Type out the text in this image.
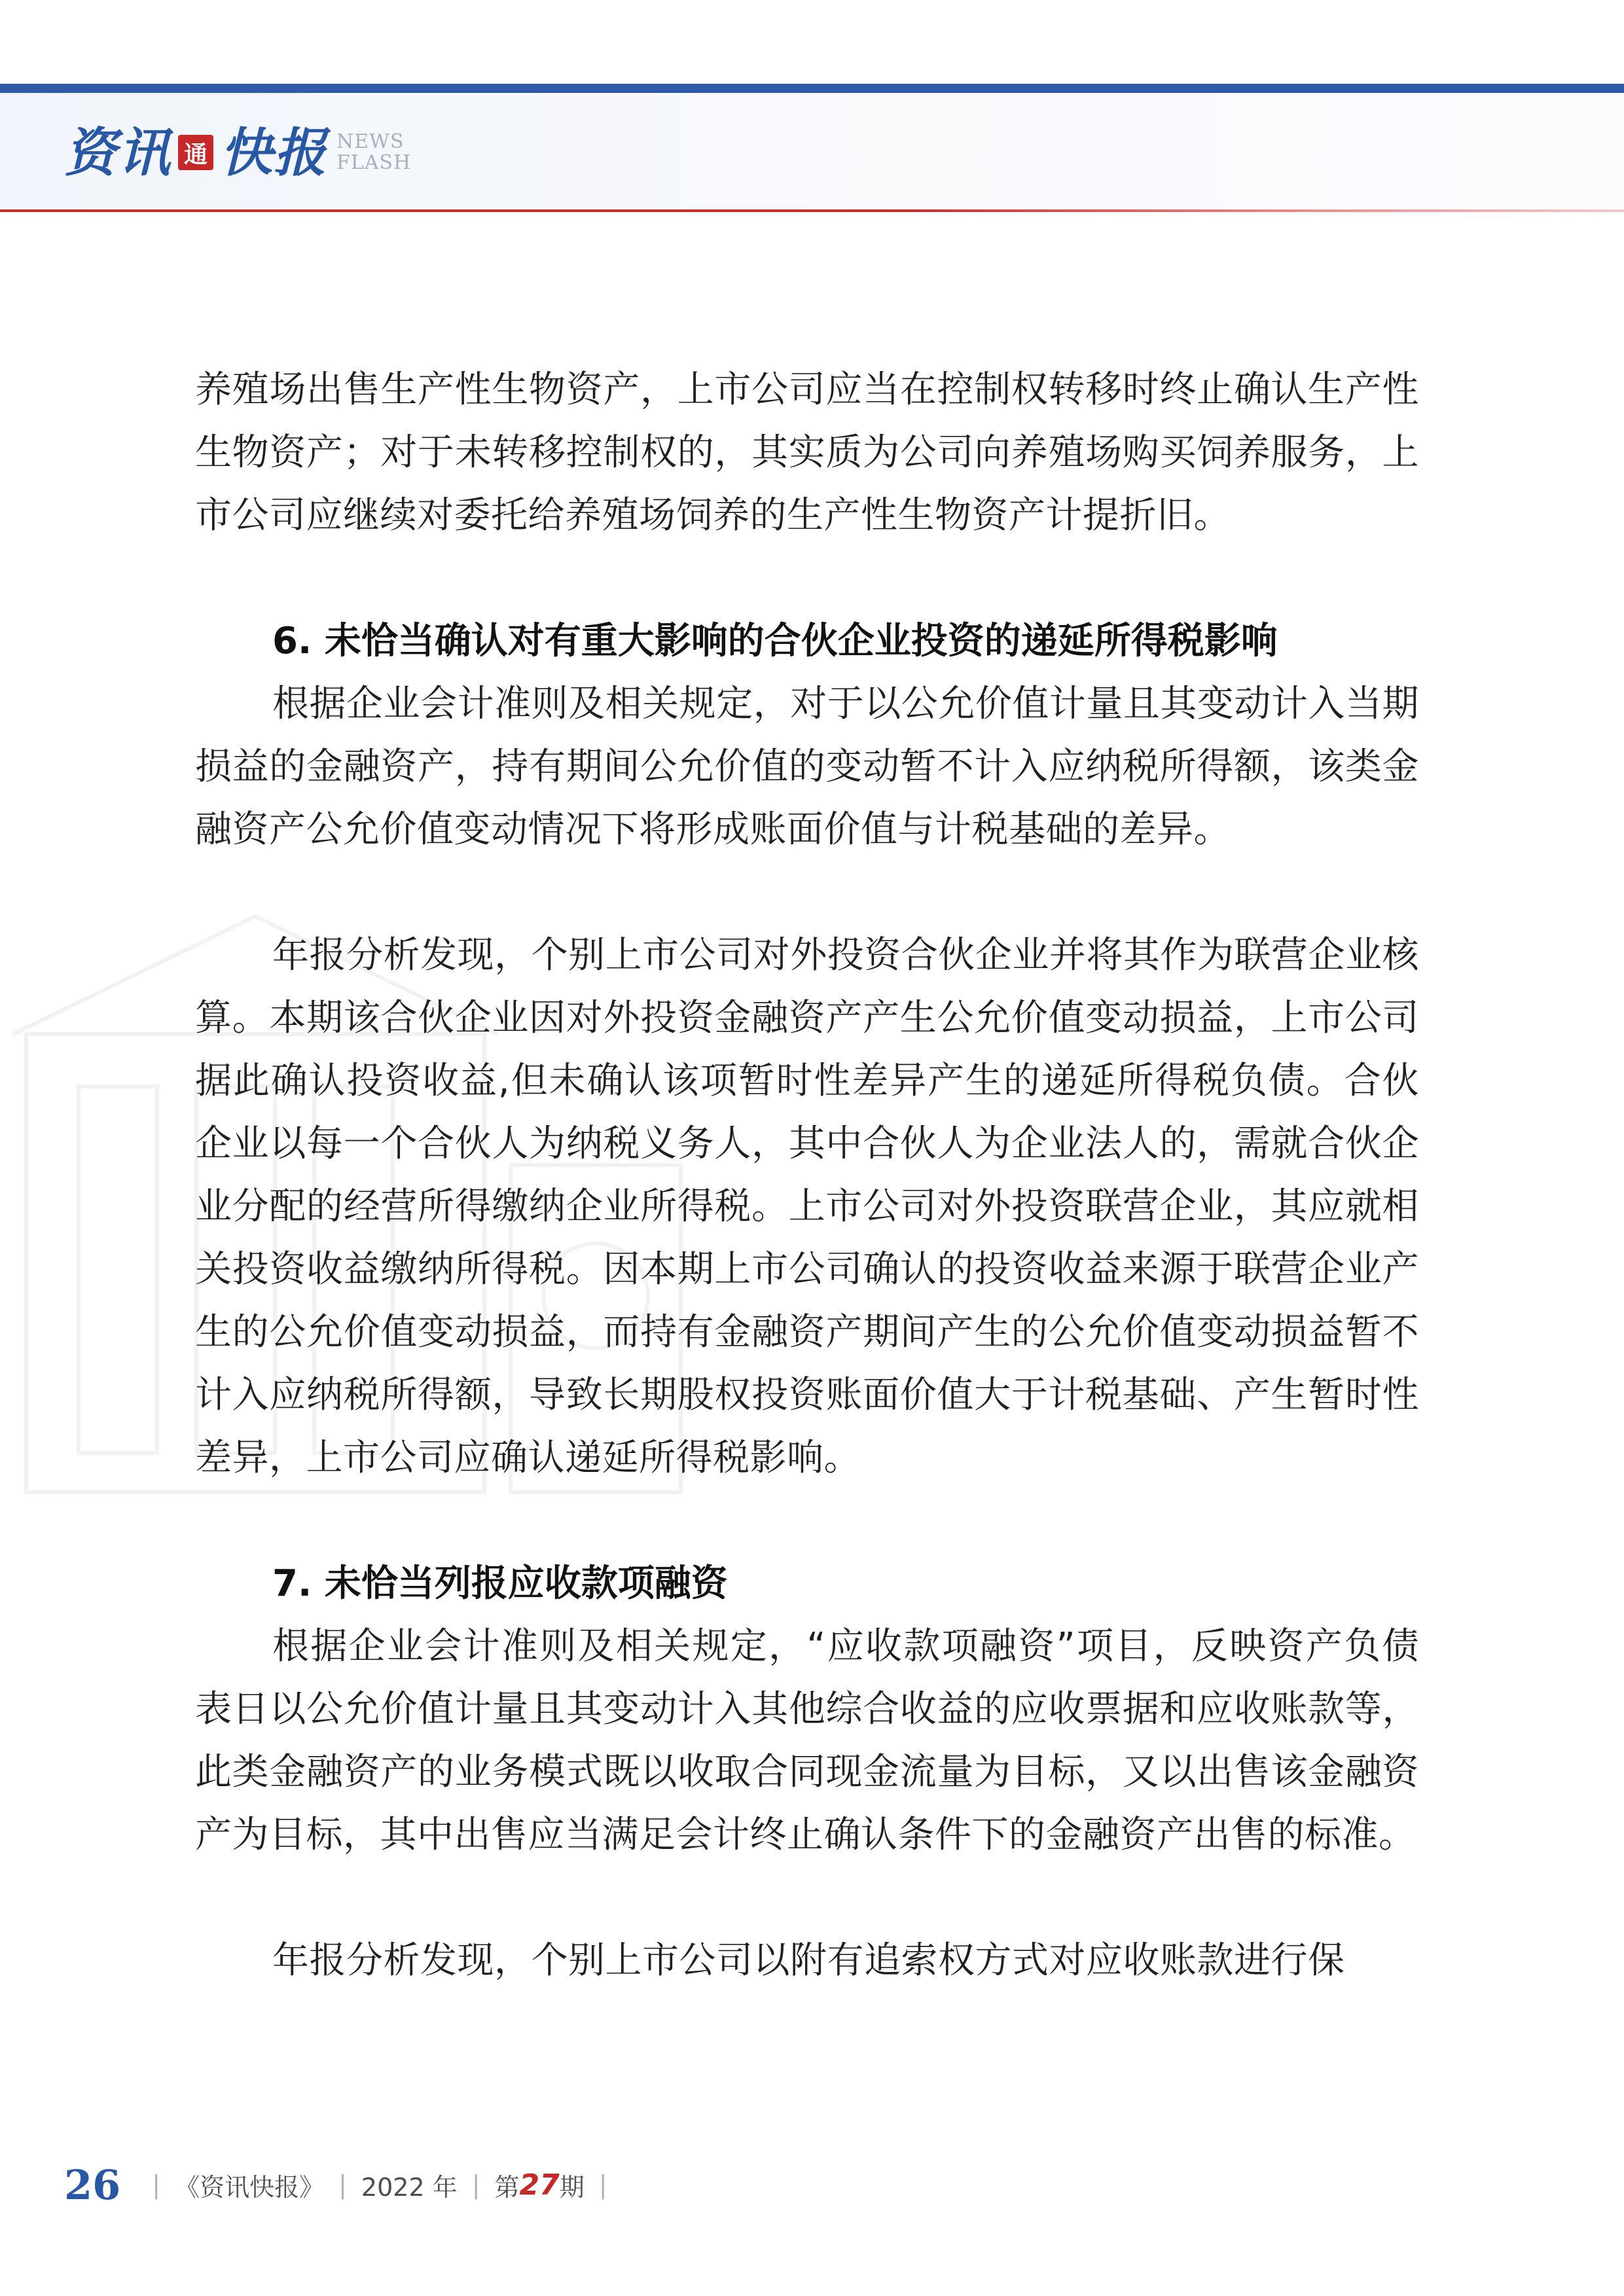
资讯 通 快报 NEWS
FLASH

养殖场出售生产性生物资产，上市公司应当在控制权转移时终止确认生产性生物资产；对于未转移控制权的，其实质为公司向养殖场购买饲养服务，上市公司应继续对委托给养殖场饲养的生产性生物资产计提折旧。

6. 未恰当确认对有重大影响的合伙企业投资的递延所得税影响

根据企业会计准则及相关规定，对于以公允价值计量且其变动计入当期损益的金融资产，持有期间公允价值的变动暂不计入应纳税所得额，该类金融资产公允价值变动情况下将形成账面价值与计税基础的差异。

年报分析发现，个别上市公司对外投资合伙企业并将其作为联营企业核算。本期该合伙企业因对外投资金融资产产生公允价值变动损益，上市公司据此确认投资收益,但未确认该项暂时性差异产生的递延所得税负债。合伙企业以每一个合伙人为纳税义务人，其中合伙人为企业法人的，需就合伙企业分配的经营所得缴纳企业所得税。上市公司对外投资联营企业，其应就相关投资收益缴纳所得税。因本期上市公司确认的投资收益来源于联营企业产生的公允价值变动损益，而持有金融资产期间产生的公允价值变动损益暂不计入应纳税所得额，导致长期股权投资账面价值大于计税基础、产生暂时性差异，上市公司应确认递延所得税影响。

7. 未恰当列报应收款项融资

根据企业会计准则及相关规定，“应收款项融资”项目，反映资产负债表日以公允价值计量且其变动计入其他综合收益的应收票据和应收账款等，此类金融资产的业务模式既以收取合同现金流量为目标，又以出售该金融资产为目标，其中出售应当满足会计终止确认条件下的金融资产出售的标准。

年报分析发现，个别上市公司以附有追索权方式对应收账款进行保

26 | 《资讯快报》 | 2022 年 | 第 27 期 |
